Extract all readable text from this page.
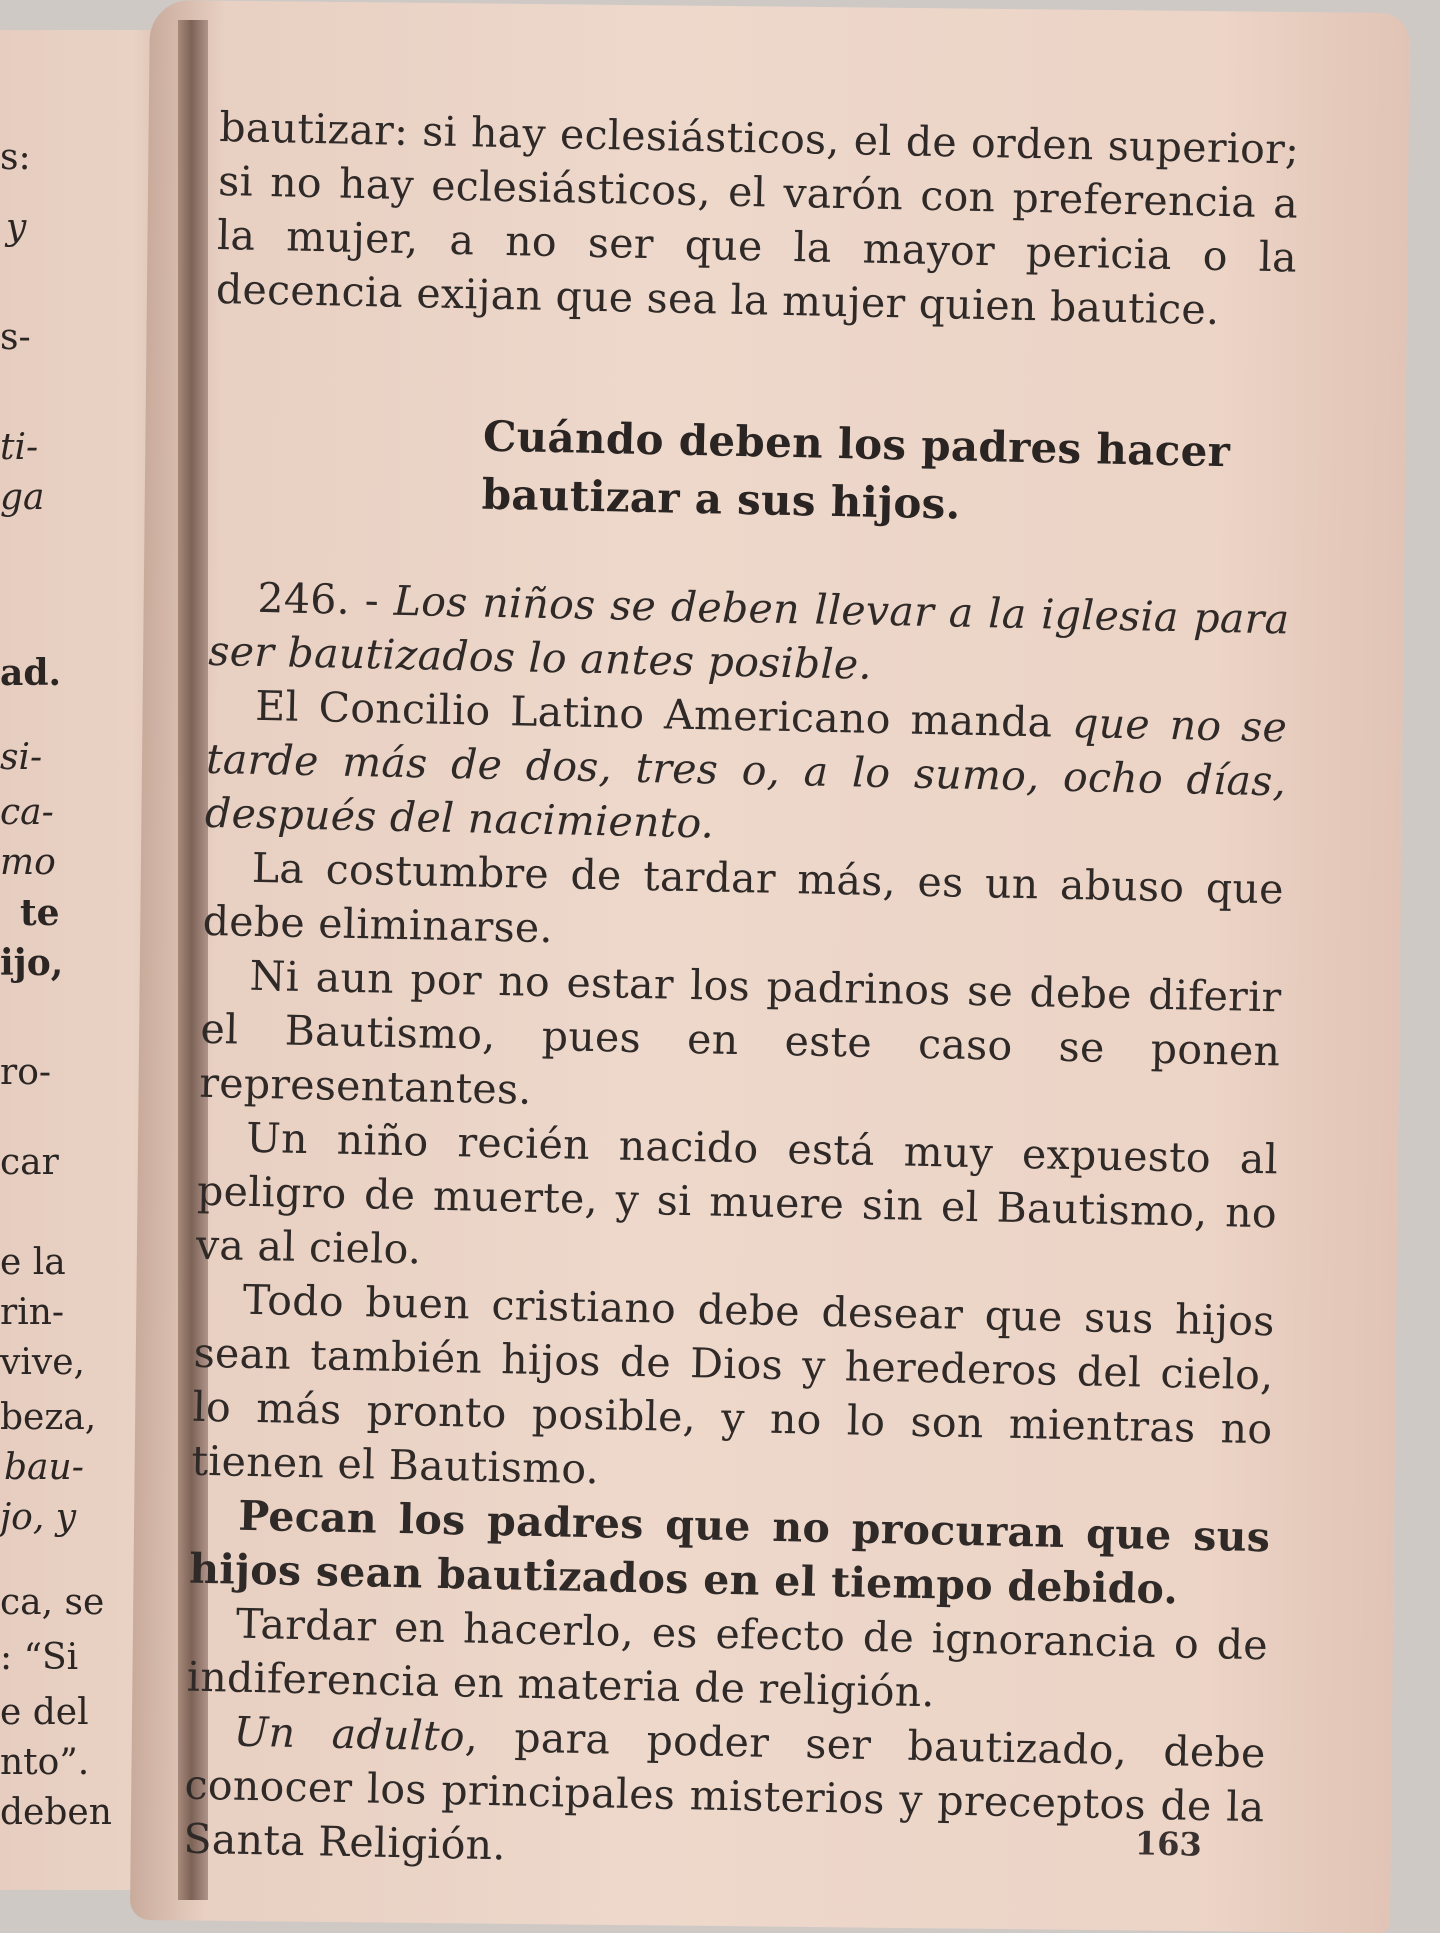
s:
y
s-
ti-
ga
ad.
si-
ca-
mo
te
ijo,
ro-
car
e la
rin-
vive,
beza,
bau-
jo, y
ca, se
: “Si
e del
nto”.
deben

bautizar: si hay eclesiásticos, el de orden superior; si no hay eclesiásticos, el varón con preferencia a la mujer, a no ser que la mayor pericia o la decencia exijan que sea la mujer quien bautice.

Cuándo deben los padres hacer bautizar a sus hijos.

246. - Los niños se deben llevar a la iglesia para ser bautizados lo antes posible.

El Concilio Latino Americano manda que no se tarde más de dos, tres o, a lo sumo, ocho días, después del nacimiento.

La costumbre de tardar más, es un abuso que debe eliminarse.

Ni aun por no estar los padrinos se debe diferir el Bautismo, pues en este caso se ponen representantes.

Un niño recién nacido está muy expuesto al peligro de muerte, y si muere sin el Bautismo, no va al cielo.

Todo buen cristiano debe desear que sus hijos sean también hijos de Dios y herederos del cielo, lo más pronto posible, y no lo son mientras no tienen el Bautismo.

Pecan los padres que no procuran que sus hijos sean bautizados en el tiempo debido.

Tardar en hacerlo, es efecto de ignorancia o de indiferencia en materia de religión.

Un adulto, para poder ser bautizado, debe conocer los principales misterios y preceptos de la Santa Religión.	163
